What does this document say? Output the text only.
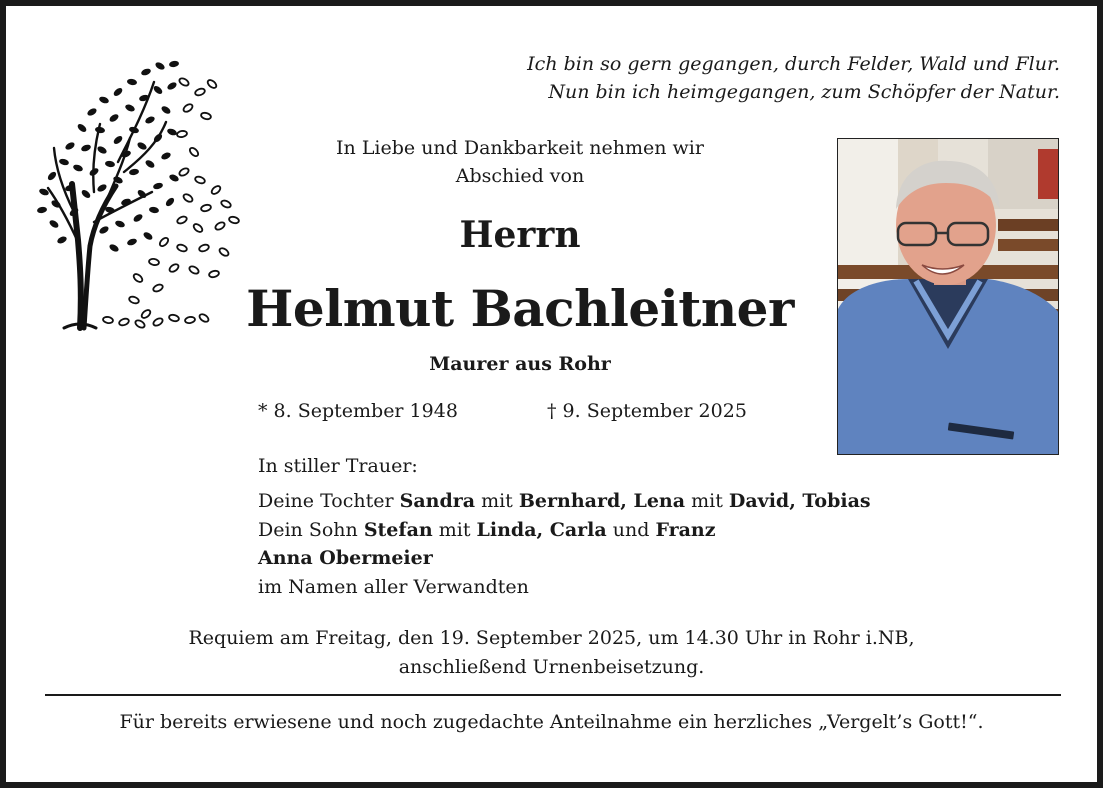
Ich bin so gern gegangen, durch Felder, Wald und Flur.
Nun bin ich heimgegangen, zum Schöpfer der Natur.
In Liebe und Dankbarkeit nehmen wir
Abschied von
Herrn
Helmut Bachleitner
Maurer aus Rohr
* 8. September 1948	† 9. September 2025
In stiller Trauer:
Deine Tochter Sandra mit Bernhard, Lena mit David, Tobias
Dein Sohn Stefan mit Linda, Carla und Franz
Anna Obermeier
im Namen aller Verwandten
Requiem am Freitag, den 19. September 2025, um 14.30 Uhr in Rohr i.NB,
anschließend Urnenbeisetzung.
Für bereits erwiesene und noch zugedachte Anteilnahme ein herzliches „Vergelt’s Gott!“.
